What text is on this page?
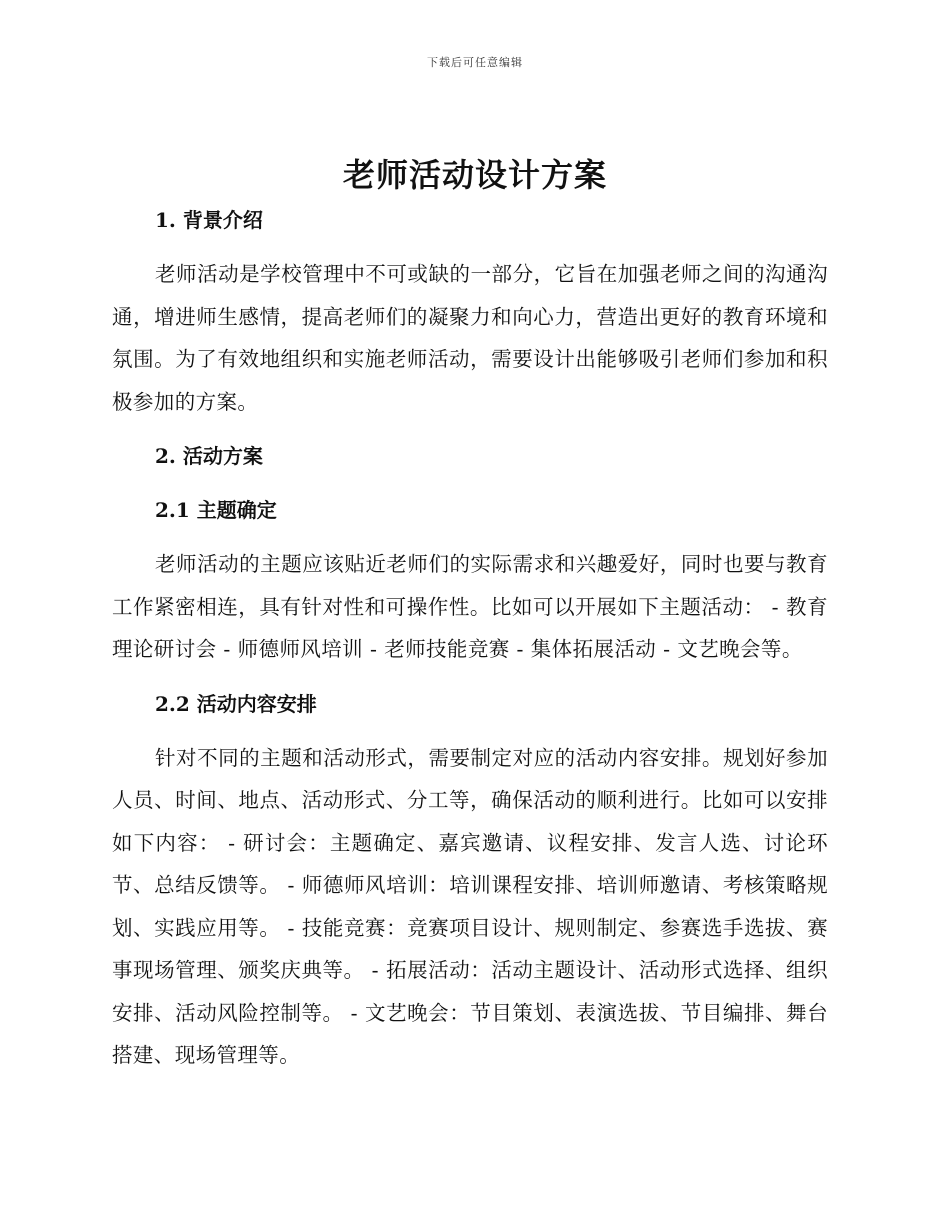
下载后可任意编辑
老师活动设计方案
1. 背景介绍

老师活动是学校管理中不可或缺的一部分，它旨在加强老师之间的沟通沟通，增进师生感情，提高老师们的凝聚力和向心力，营造出更好的教育环境和氛围。为了有效地组织和实施老师活动，需要设计出能够吸引老师们参加和积极参加的方案。

2. 活动方案
2.1 主题确定

老师活动的主题应该贴近老师们的实际需求和兴趣爱好，同时也要与教育工作紧密相连，具有针对性和可操作性。比如可以开展如下主题活动： - 教育理论研讨会 - 师德师风培训 - 老师技能竞赛 - 集体拓展活动 - 文艺晚会等。

2.2 活动内容安排

针对不同的主题和活动形式，需要制定对应的活动内容安排。规划好参加人员、时间、地点、活动形式、分工等，确保活动的顺利进行。比如可以安排如下内容： - 研讨会：主题确定、嘉宾邀请、议程安排、发言人选、讨论环节、总结反馈等。 - 师德师风培训：培训课程安排、培训师邀请、考核策略规划、实践应用等。 - 技能竞赛：竞赛项目设计、规则制定、参赛选手选拔、赛事现场管理、颁奖庆典等。 - 拓展活动：活动主题设计、活动形式选择、组织安排、活动风险控制等。 - 文艺晚会：节目策划、表演选拔、节目编排、舞台搭建、现场管理等。
